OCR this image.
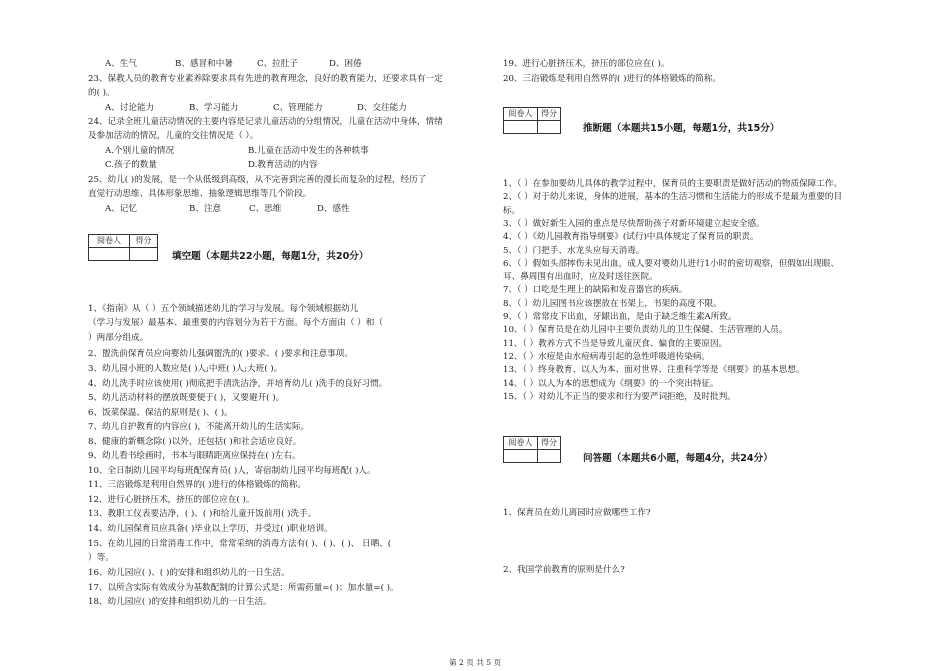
A、生气	B、感冒和中暑	C、拉肚子	D、困倦
23、保教人员的教育专业素养除要求具有先进的教育理念，良好的教育能力，还要求具有一定
的( )。
A、讨论能力	B、学习能力	C、管理能力	D、交往能力
24、记录全班儿童活动情况的主要内容是记录儿童活动的分组情况，儿童在活动中身体，情绪
及参加活动的情况，儿童的交往情况是（ ）。
A.个别儿童的情况	B.儿童在活动中发生的各种轶事
C.孩子的数量	D.教育活动的内容
25、幼儿( )的发展，是一个从低级到高级，从不完善到完善的漫长而复杂的过程，经历了
直觉行动思维、具体形象思维、抽象逻辑思维等几个阶段。
A、记忆	B、注意	C、思维	D、感性
阅卷人	得分

填空题（本题共22小题，每题1分，共20分）
1、《指南》从（ ）五个领域描述幼儿的学习与发展。每个领域根据幼儿
（学习与发展）最基本、最重要的内容划分为若干方面。每个方面由（ ）和（
）两部分组成。
2、盥洗前保育员应向婴幼儿强调盥洗的( )要求、( )要求和注意事项。
3、幼儿园小班的人数应是( )人;中班( )人;大班( )。
4、幼儿洗手时应该使用( )彻底把手清洗洁净，并培育幼儿( )洗手的良好习惯。
5、幼儿活动材料的摆放既要便于( )，又要避开( )。
6、饭菜保温、保洁的原则是( )、( )。
7、幼儿自护教育的内容应( )，不能离开幼儿的生活实际。
8、健康的新概念除( )以外，还包括( )和社会适应良好。
9、幼儿看书绘画时，书本与眼睛距离应保持在( )左右。
10、全日制幼儿园平均每班配保育员( )人，寄宿制幼儿园平均每班配( )人。
11、三浴锻炼是利用自然界的( )进行的体格锻炼的简称。
12、进行心脏挤压术，挤压的部位应在( )。
13、教职工仪表要洁净，( )、( )和给儿童开饭前用( )洗手。
14、幼儿园保育员应具备( )毕业以上学历，并受过( )职业培训。
15、在幼儿园的日常消毒工作中，常常采纳的消毒方法有( )、( )、( )、 日晒、(
）等。
16、幼儿园应( )、( )的安排和组织幼儿的一日生活。
17、以所含实际有效成分为基数配制的计算公式是：所需药量=( )；加水量=( )。
18、幼儿园应( )的安排和组织幼儿的一日生活。
19、进行心脏挤压术，挤压的部位应在( )。
20、三浴锻炼是利用自然界的( )进行的体格锻炼的简称。
阅卷人	得分

推断题（本题共15小题，每题1分，共15分）
1、（ ）在参加要幼儿具体的教学过程中，保育员的主要职责是做好活动的物质保障工作。
2、（ ）对于幼儿来说，身体的进展，基本的生活习惯和生活能力的形成不是最为重要的目
标。
3、（ ）做好新生入园的重点是尽快帮助孩子对新环境建立起安全感。
4、（ ）《幼儿园教育指导纲要》(试行)中具体规定了保育员的职责。
5、（ ）门把手、水龙头应每天消毒。
6、（ ）假如头部摔伤未见出血，成人要对婴幼儿进行1小时的密切观察，但假如出现眼、
耳、鼻周围有出血时，应及时送往医院。
7、（ ）口吃是生理上的缺陷和发音器官的疾病。
8、（ ）幼儿园图书应该摆放在书架上，书架的高度不限。
9、（ ）常常皮下出血，牙龈出血，是由于缺乏维生素A所致。
10、（ ）保育员是在幼儿园中主要负责幼儿的卫生保健、生活管理的人员。
11、（ ）教养方式不当是导致儿童厌食、偏食的主要原因。
12、（ ）水痘是由水痘病毒引起的急性呼吸道传染病。
13、（ ）终身教育、以人为本、面对世界、注重科学等是《纲要》的基本思想。
14、（ ）以人为本的思想成为《纲要》的一个突出特征。
15、（ ）对幼儿不正当的要求和行为要严词拒绝，及时批判。
阅卷人	得分

问答题（本题共6小题，每题4分，共24分）
1、保育员在幼儿离园时应做哪些工作?
2、我国学前教育的原则是什么?
第 2 页 共 5 页
